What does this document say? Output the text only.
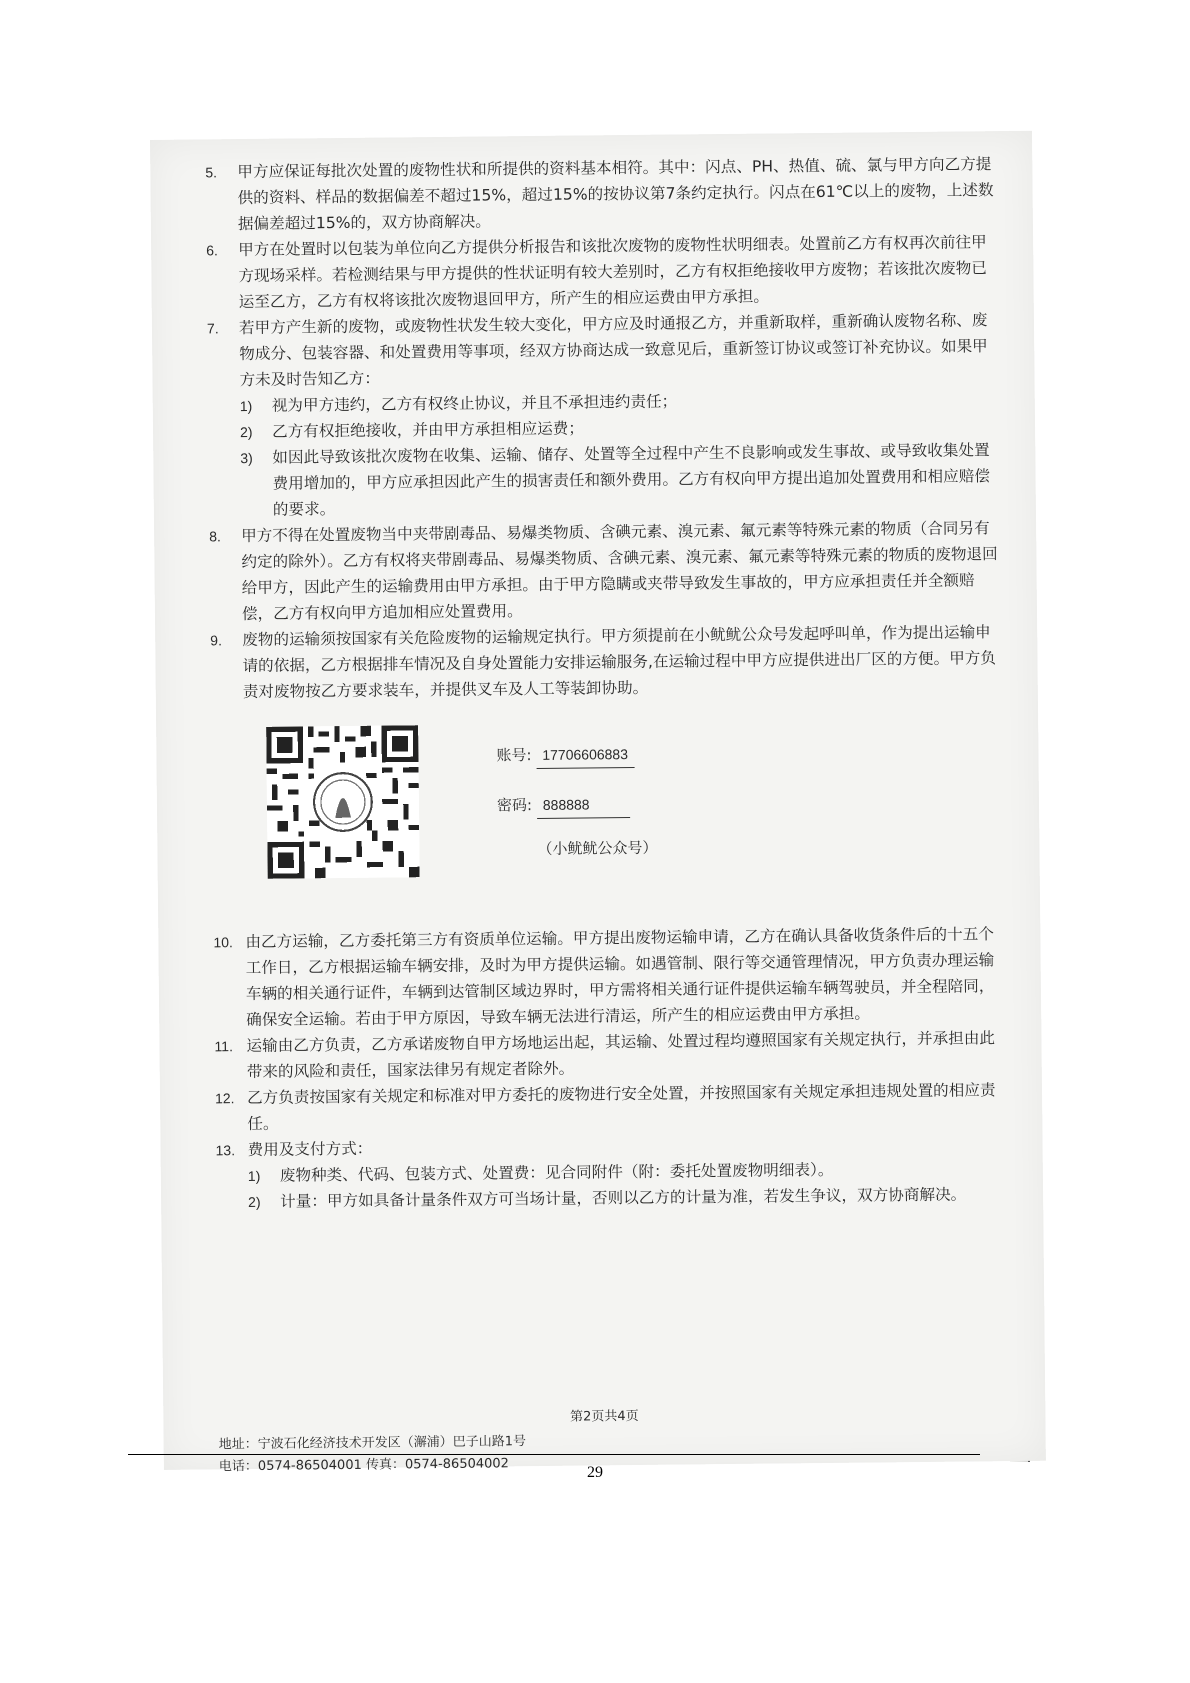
5. 甲方应保证每批次处置的废物性状和所提供的资料基本相符。其中：闪点、PH、热值、硫、氯与甲方向乙方提供的资料、样品的数据偏差不超过15%，超过15%的按协议第7条约定执行。闪点在61℃以上的废物，上述数据偏差超过15%的，双方协商解决。
6. 甲方在处置时以包装为单位向乙方提供分析报告和该批次废物的废物性状明细表。处置前乙方有权再次前往甲方现场采样。若检测结果与甲方提供的性状证明有较大差别时，乙方有权拒绝接收甲方废物；若该批次废物已运至乙方，乙方有权将该批次废物退回甲方，所产生的相应运费由甲方承担。
7. 若甲方产生新的废物，或废物性状发生较大变化，甲方应及时通报乙方，并重新取样，重新确认废物名称、废物成分、包装容器、和处置费用等事项，经双方协商达成一致意见后，重新签订协议或签订补充协议。如果甲方未及时告知乙方：
1) 视为甲方违约，乙方有权终止协议，并且不承担违约责任；
2) 乙方有权拒绝接收，并由甲方承担相应运费；
3) 如因此导致该批次废物在收集、运输、储存、处置等全过程中产生不良影响或发生事故、或导致收集处置费用增加的，甲方应承担因此产生的损害责任和额外费用。乙方有权向甲方提出追加处置费用和相应赔偿的要求。
8. 甲方不得在处置废物当中夹带剧毒品、易爆类物质、含碘元素、溴元素、氟元素等特殊元素的物质（合同另有约定的除外）。乙方有权将夹带剧毒品、易爆类物质、含碘元素、溴元素、氟元素等特殊元素的物质的废物退回给甲方，因此产生的运输费用由甲方承担。由于甲方隐瞒或夹带导致发生事故的，甲方应承担责任并全额赔偿，乙方有权向甲方追加相应处置费用。
9. 废物的运输须按国家有关危险废物的运输规定执行。甲方须提前在小鱿鱿公众号发起呼叫单，作为提出运输申请的依据，乙方根据排车情况及自身处置能力安排运输服务,在运输过程中甲方应提供进出厂区的方便。甲方负责对废物按乙方要求装车，并提供叉车及人工等装卸协助。
账号: 17706606883
密码: 888888
（小鱿鱿公众号）
10. 由乙方运输，乙方委托第三方有资质单位运输。甲方提出废物运输申请，乙方在确认具备收货条件后的十五个工作日，乙方根据运输车辆安排，及时为甲方提供运输。如遇管制、限行等交通管理情况，甲方负责办理运输车辆的相关通行证件，车辆到达管制区域边界时，甲方需将相关通行证件提供运输车辆驾驶员，并全程陪同，确保安全运输。若由于甲方原因，导致车辆无法进行清运，所产生的相应运费由甲方承担。
11. 运输由乙方负责，乙方承诺废物自甲方场地运出起，其运输、处置过程均遵照国家有关规定执行，并承担由此带来的风险和责任，国家法律另有规定者除外。
12. 乙方负责按国家有关规定和标准对甲方委托的废物进行安全处置，并按照国家有关规定承担违规处置的相应责任。
13. 费用及支付方式：
1) 废物种类、代码、包装方式、处置费：见合同附件（附：委托处置废物明细表）。
2) 计量：甲方如具备计量条件双方可当场计量，否则以乙方的计量为准，若发生争议，双方协商解决。
第2页共4页
地址：宁波石化经济技术开发区（澥浦）巴子山路1号
电话：0574-86504001 传真：0574-86504002	29
